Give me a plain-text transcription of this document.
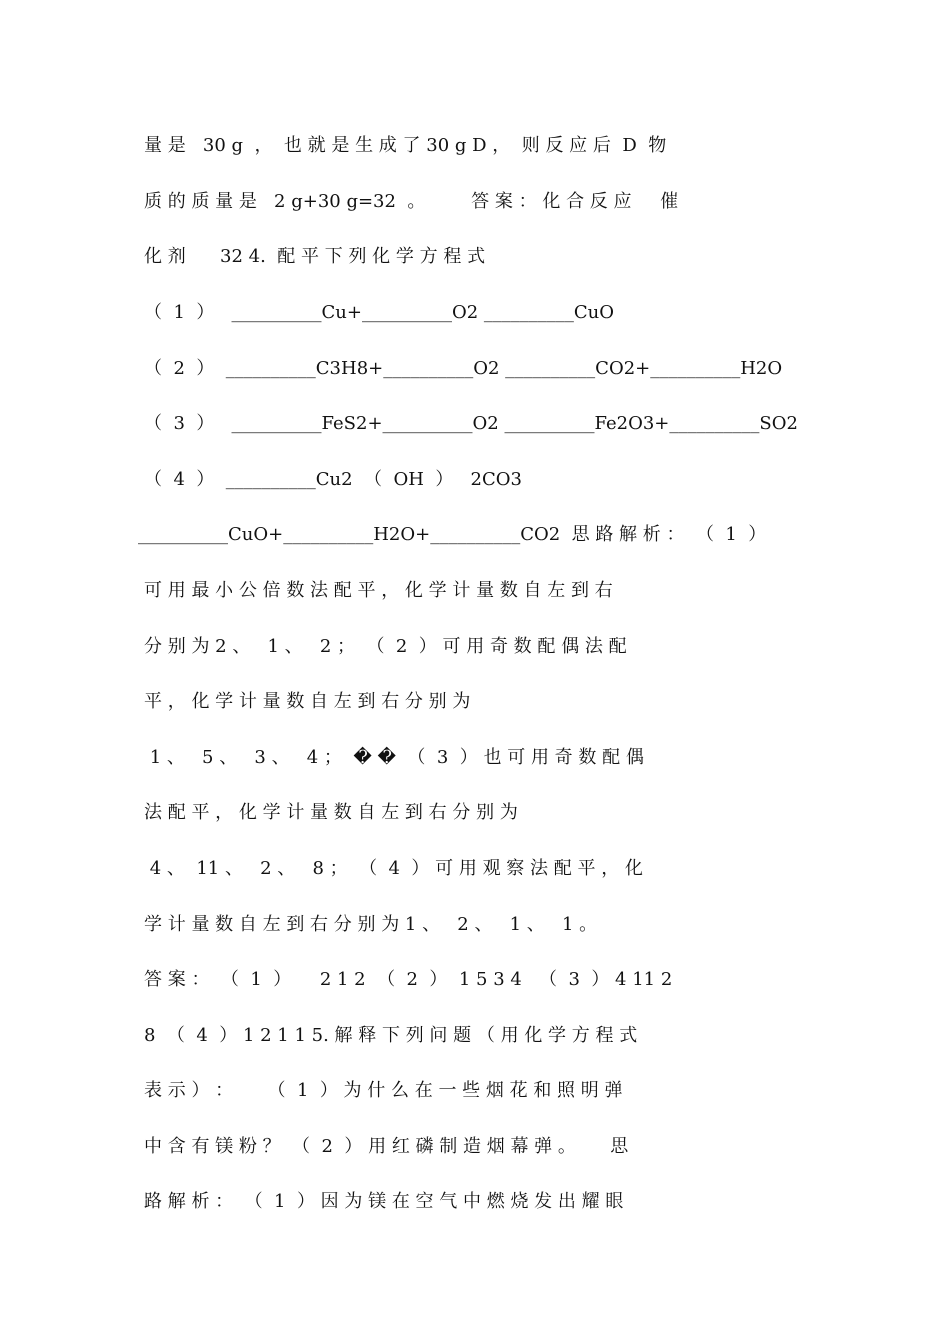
量 是   30 g  ，  也 就 是 生 成 了 30 g D ，  则 反 应 后  D  物
质 的 质 量 是   2 g+30 g=32  。        答 案 ： 化 合 反 应     催
化 剂      32 4.  配 平 下 列 化 学 方 程 式
（  1  ）   __________Cu+__________O2 __________CuO
（  2  ）  __________C3H8+__________O2 __________CO2+__________H2O
（  3  ）   __________FeS2+__________O2 __________Fe2O3+__________SO2
（  4  ）  __________Cu2  （  OH  ）   2CO3
__________CuO+__________H2O+__________CO2  思 路 解 析 ：  （  1  ）
可 用 最 小 公 倍 数 法 配 平 ， 化 学 计 量 数 自 左 到 右
分 别 为 2 、   1 、   2 ；  （  2  ） 可 用 奇 数 配 偶 法 配
平 ， 化 学 计 量 数 自 左 到 右 分 别 为
1 、   5 、   3 、   4 ；  � �  （  3  ） 也 可 用 奇 数 配 偶
法 配 平 ， 化 学 计 量 数 自 左 到 右 分 别 为
4 、  11 、   2 、   8 ；  （  4  ） 可 用 观 察 法 配 平 ， 化
学 计 量 数 自 左 到 右 分 别 为 1 、   2 、   1 、   1 。
答 案 ：  （  1  ）     2 1 2  （  2  ）  1 5 3 4   （  3  ） 4 11 2
8  （  4  ） 1 2 1 1 5. 解 释 下 列 问 题 （ 用 化 学 方 程 式
表 示 ） ：      （  1  ） 为 什 么 在 一 些 烟 花 和 照 明 弹
中 含 有 镁 粉 ？  （  2  ） 用 红 磷 制 造 烟 幕 弹 。      思
路 解 析 ：  （  1  ） 因 为 镁 在 空 气 中 燃 烧 发 出 耀 眼
